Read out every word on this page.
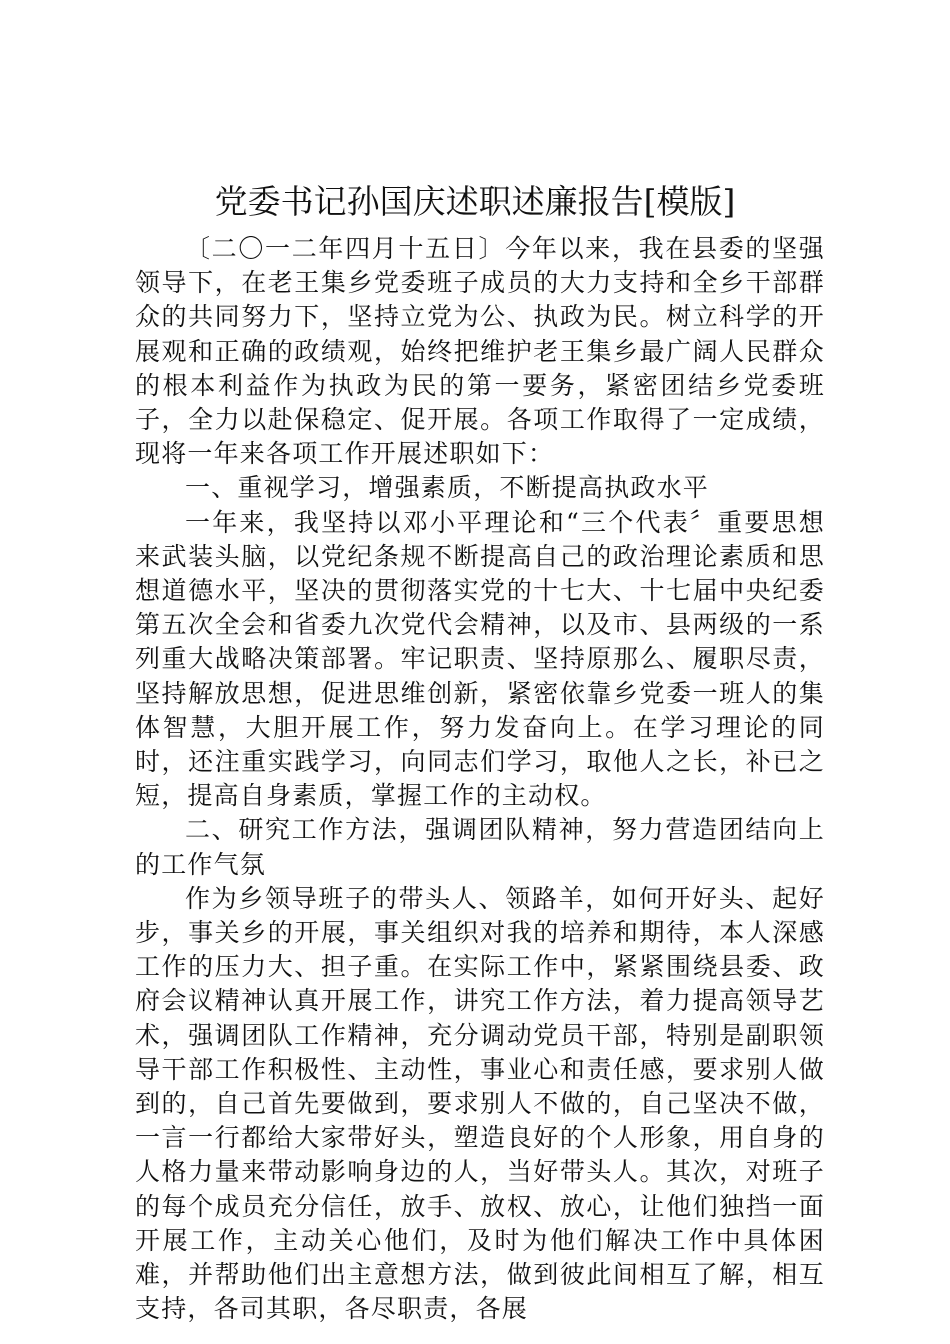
党委书记孙国庆述职述廉报告[模版]

〔二〇一二年四月十五日〕今年以来，我在县委的坚强领导下，在老王集乡党委班子成员的大力支持和全乡干部群众的共同努力下，坚持立党为公、执政为民。树立科学的开展观和正确的政绩观，始终把维护老王集乡最广阔人民群众的根本利益作为执政为民的第一要务，紧密团结乡党委班子，全力以赴保稳定、促开展。各项工作取得了一定成绩，现将一年来各项工作开展述职如下：

一、重视学习，增强素质，不断提高执政水平

一年来，我坚持以邓小平理论和“三个代表〞重要思想来武装头脑，以党纪条规不断提高自己的政治理论素质和思想道德水平，坚决的贯彻落实党的十七大、十七届中央纪委第五次全会和省委九次党代会精神，以及市、县两级的一系列重大战略决策部署。牢记职责、坚持原那么、履职尽责，坚持解放思想，促进思维创新，紧密依靠乡党委一班人的集体智慧，大胆开展工作，努力发奋向上。在学习理论的同时，还注重实践学习，向同志们学习，取他人之长，补已之短，提高自身素质，掌握工作的主动权。

二、研究工作方法，强调团队精神，努力营造团结向上的工作气氛

作为乡领导班子的带头人、领路羊，如何开好头、起好步，事关乡的开展，事关组织对我的培养和期待，本人深感工作的压力大、担子重。在实际工作中，紧紧围绕县委、政府会议精神认真开展工作，讲究工作方法，着力提高领导艺术，强调团队工作精神，充分调动党员干部，特别是副职领导干部工作积极性、主动性，事业心和责任感，要求别人做到的，自己首先要做到，要求别人不做的，自己坚决不做，一言一行都给大家带好头，塑造良好的个人形象，用自身的人格力量来带动影响身边的人，当好带头人。其次，对班子的每个成员充分信任，放手、放权、放心，让他们独挡一面开展工作，主动关心他们，及时为他们解决工作中具体困难，并帮助他们出主意想方法，做到彼此间相互了解，相互支持，各司其职，各尽职责，各展
